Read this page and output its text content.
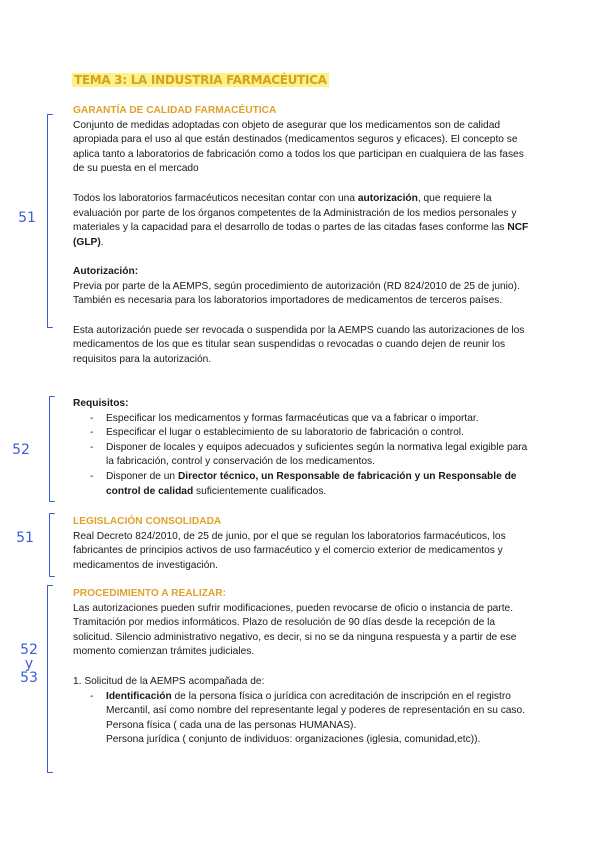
TEMA 3: LA INDUSTRIA FARMACÉUTICA
51
52
51
52
y
53

GARANTÍA DE CALIDAD FARMACÉUTICA

Conjunto de medidas adoptadas con objeto de asegurar que los medicamentos son de calidad apropiada para el uso al que están destinados (medicamentos seguros y eficaces). El concepto se aplica tanto a laboratorios de fabricación como a todos los que participan en cualquiera de las fases de su puesta en el mercado

Todos los laboratorios farmacéuticos necesitan contar con una autorización, que requiere la evaluación por parte de los órganos competentes de la Administración de los medios personales y materiales y la capacidad para el desarrollo de todas o partes de las citadas fases conforme las NCF (GLP).

Autorización:

Previa por parte de la AEMPS, según procedimiento de autorización (RD 824/2010 de 25 de junio). También es necesaria para los laboratorios importadores de medicamentos de terceros países.

Esta autorización puede ser revocada o suspendida por la AEMPS cuando las autorizaciones de los medicamentos de los que es titular sean suspendidas o revocadas o cuando dejen de reunir los requisitos para la autorización.

Requisitos:

- Especificar los medicamentos y formas farmacéuticas que va a fabricar o importar.
- Especificar el lugar o establecimiento de su laboratorio de fabricación o control.
- Disponer de locales y equipos adecuados y suficientes según la normativa legal exigible para la fabricación, control y conservación de los medicamentos.
- Disponer de un Director técnico, un Responsable de fabricación y un Responsable de control de calidad suficientemente cualificados.

LEGISLACIÓN CONSOLIDADA

Real Decreto 824/2010, de 25 de junio, por el que se regulan los laboratorios farmacéuticos, los fabricantes de principios activos de uso farmacéutico y el comercio exterior de medicamentos y medicamentos de investigación.

PROCEDIMIENTO A REALIZAR:

Las autorizaciones pueden sufrir modificaciones, pueden revocarse de oficio o instancia de parte. Tramitación por medios informáticos. Plazo de resolución de 90 días desde la recepción de la solicitud. Silencio administrativo negativo, es decir, si no se da ninguna respuesta y a partir de ese momento comienzan trámites judiciales.

1. Solicitud de la AEMPS acompañada de:

- Identificación de la persona física o jurídica con acreditación de inscripción en el registro Mercantil, así como nombre del representante legal y poderes de representación en su caso.

Persona física ( cada una de las personas HUMANAS).

Persona jurídica ( conjunto de individuos: organizaciones (iglesia, comunidad,etc)).
